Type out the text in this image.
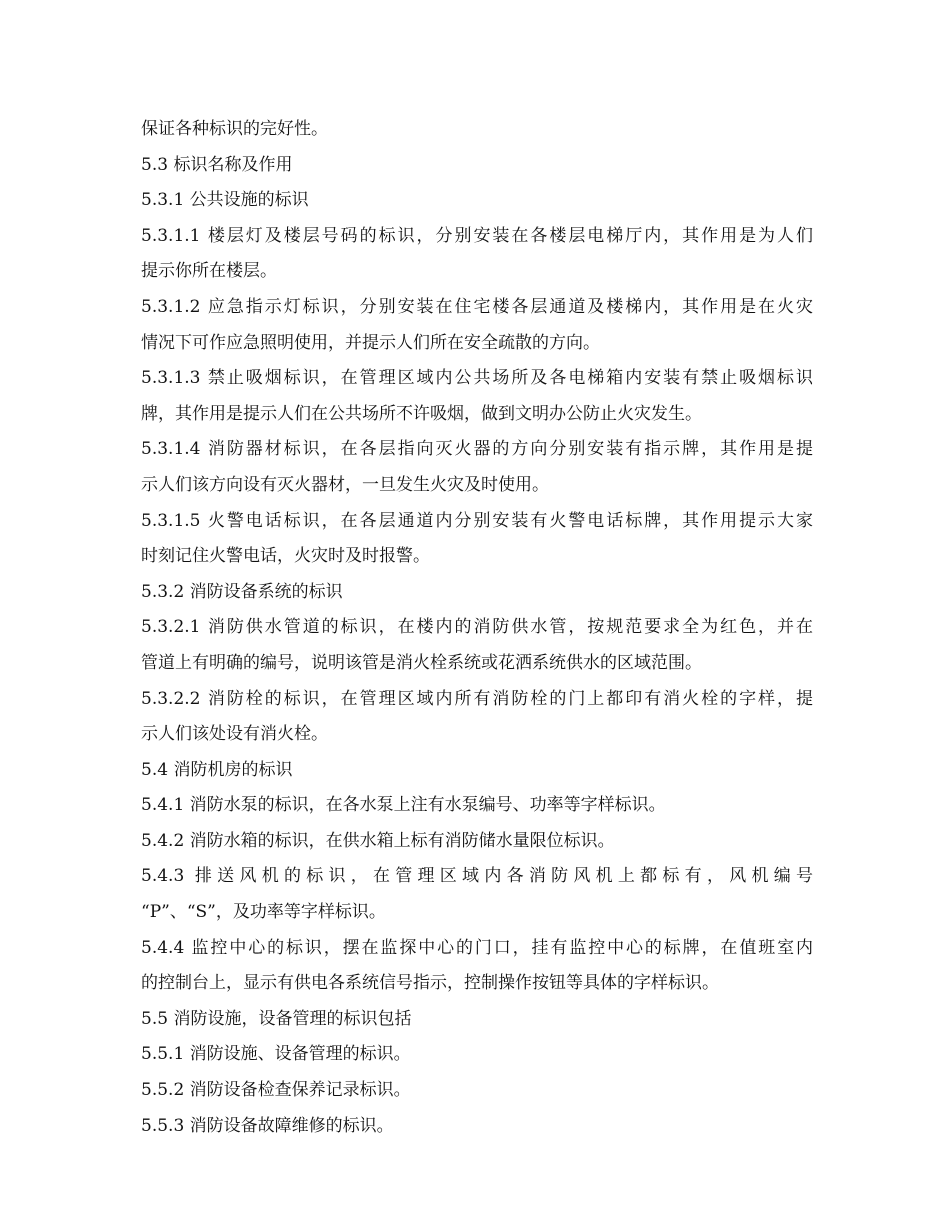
保证各种标识的完好性。
5.3 标识名称及作用
5.3.1 公共设施的标识
5.3.1.1 楼层灯及楼层号码的标识，分别安装在各楼层电梯厅内，其作用是为人们
提示你所在楼层。
5.3.1.2 应急指示灯标识，分别安装在住宅楼各层通道及楼梯内，其作用是在火灾
情况下可作应急照明使用，并提示人们所在安全疏散的方向。
5.3.1.3 禁止吸烟标识，在管理区域内公共场所及各电梯箱内安装有禁止吸烟标识
牌，其作用是提示人们在公共场所不许吸烟，做到文明办公防止火灾发生。
5.3.1.4 消防器材标识，在各层指向灭火器的方向分别安装有指示牌，其作用是提
示人们该方向设有灭火器材，一旦发生火灾及时使用。
5.3.1.5 火警电话标识，在各层通道内分别安装有火警电话标牌，其作用提示大家
时刻记住火警电话，火灾时及时报警。
5.3.2 消防设备系统的标识
5.3.2.1 消防供水管道的标识，在楼内的消防供水管，按规范要求全为红色，并在
管道上有明确的编号，说明该管是消火栓系统或花洒系统供水的区域范围。
5.3.2.2 消防栓的标识，在管理区域内所有消防栓的门上都印有消火栓的字样，提
示人们该处设有消火栓。
5.4 消防机房的标识
5.4.1 消防水泵的标识，在各水泵上注有水泵编号、功率等字样标识。
5.4.2 消防水箱的标识，在供水箱上标有消防储水量限位标识。
5.4.3 排送风机的标识，在管理区域内各消防风机上都标有，风机编号
“P”、“S”，及功率等字样标识。
5.4.4 监控中心的标识，摆在监探中心的门口，挂有监控中心的标牌，在值班室内
的控制台上，显示有供电各系统信号指示，控制操作按钮等具体的字样标识。
5.5 消防设施，设备管理的标识包括
5.5.1 消防设施、设备管理的标识。
5.5.2 消防设备检查保养记录标识。
5.5.3 消防设备故障维修的标识。
